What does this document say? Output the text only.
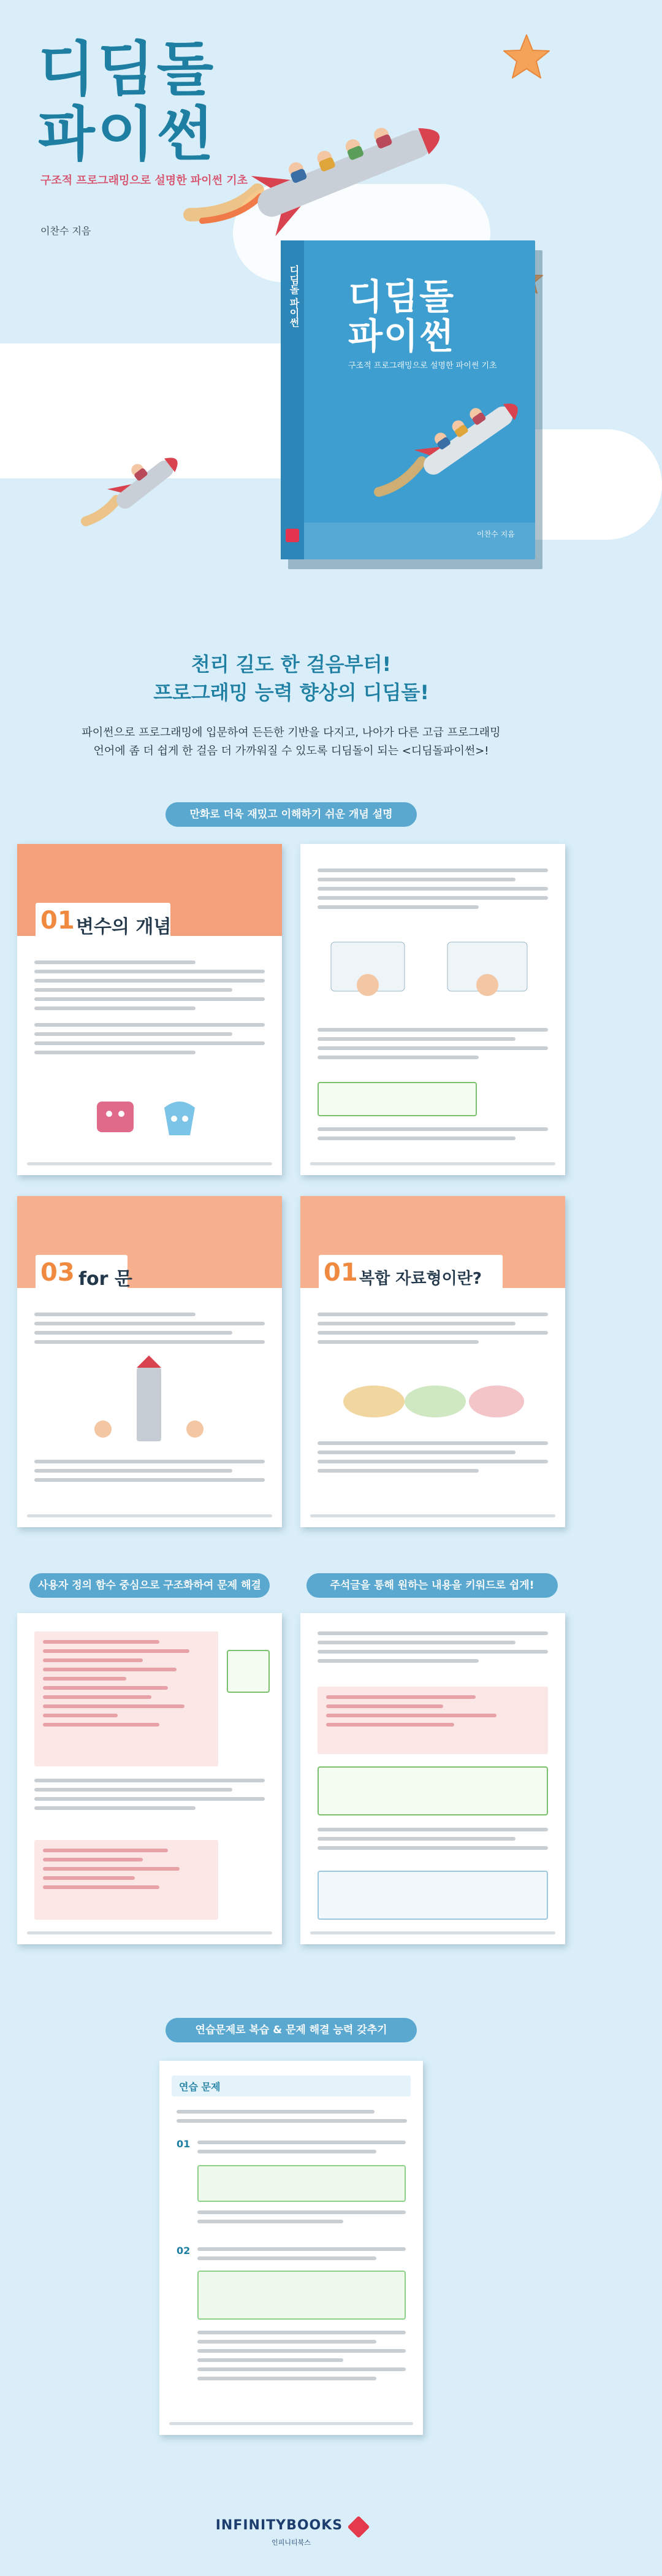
디딤돌
파이썬
구조적 프로그래밍으로 설명한 파이썬 기초
이찬수 지음
디딤돌 파이썬 디딤돌
파이썬
구조적 프로그래밍으로 설명한 파이썬 기초
이찬수 지음
천리 길도 한 걸음부터!
프로그래밍 능력 향상의 디딤돌!
파이썬으로 프로그래밍에 입문하여 든든한 기반을 다지고, 나아가 다른 고급 프로그래밍
언어에 좀 더 쉽게 한 걸음 더 가까워질 수 있도록 디딤돌이 되는 <디딤돌파이썬>!
만화로 더욱 재밌고 이해하기 쉬운 개념 설명
01 변수의 개념
03 for 문	01 복합 자료형이란?
사용자 정의 함수 중심으로 구조화하여 문제 해결	주석글을 통해 원하는 내용을 키워드로 쉽게!
연습문제로 복습 & 문제 해결 능력 갖추기
연습 문제
01
02
INFINITYBOOKS
인피니티북스
